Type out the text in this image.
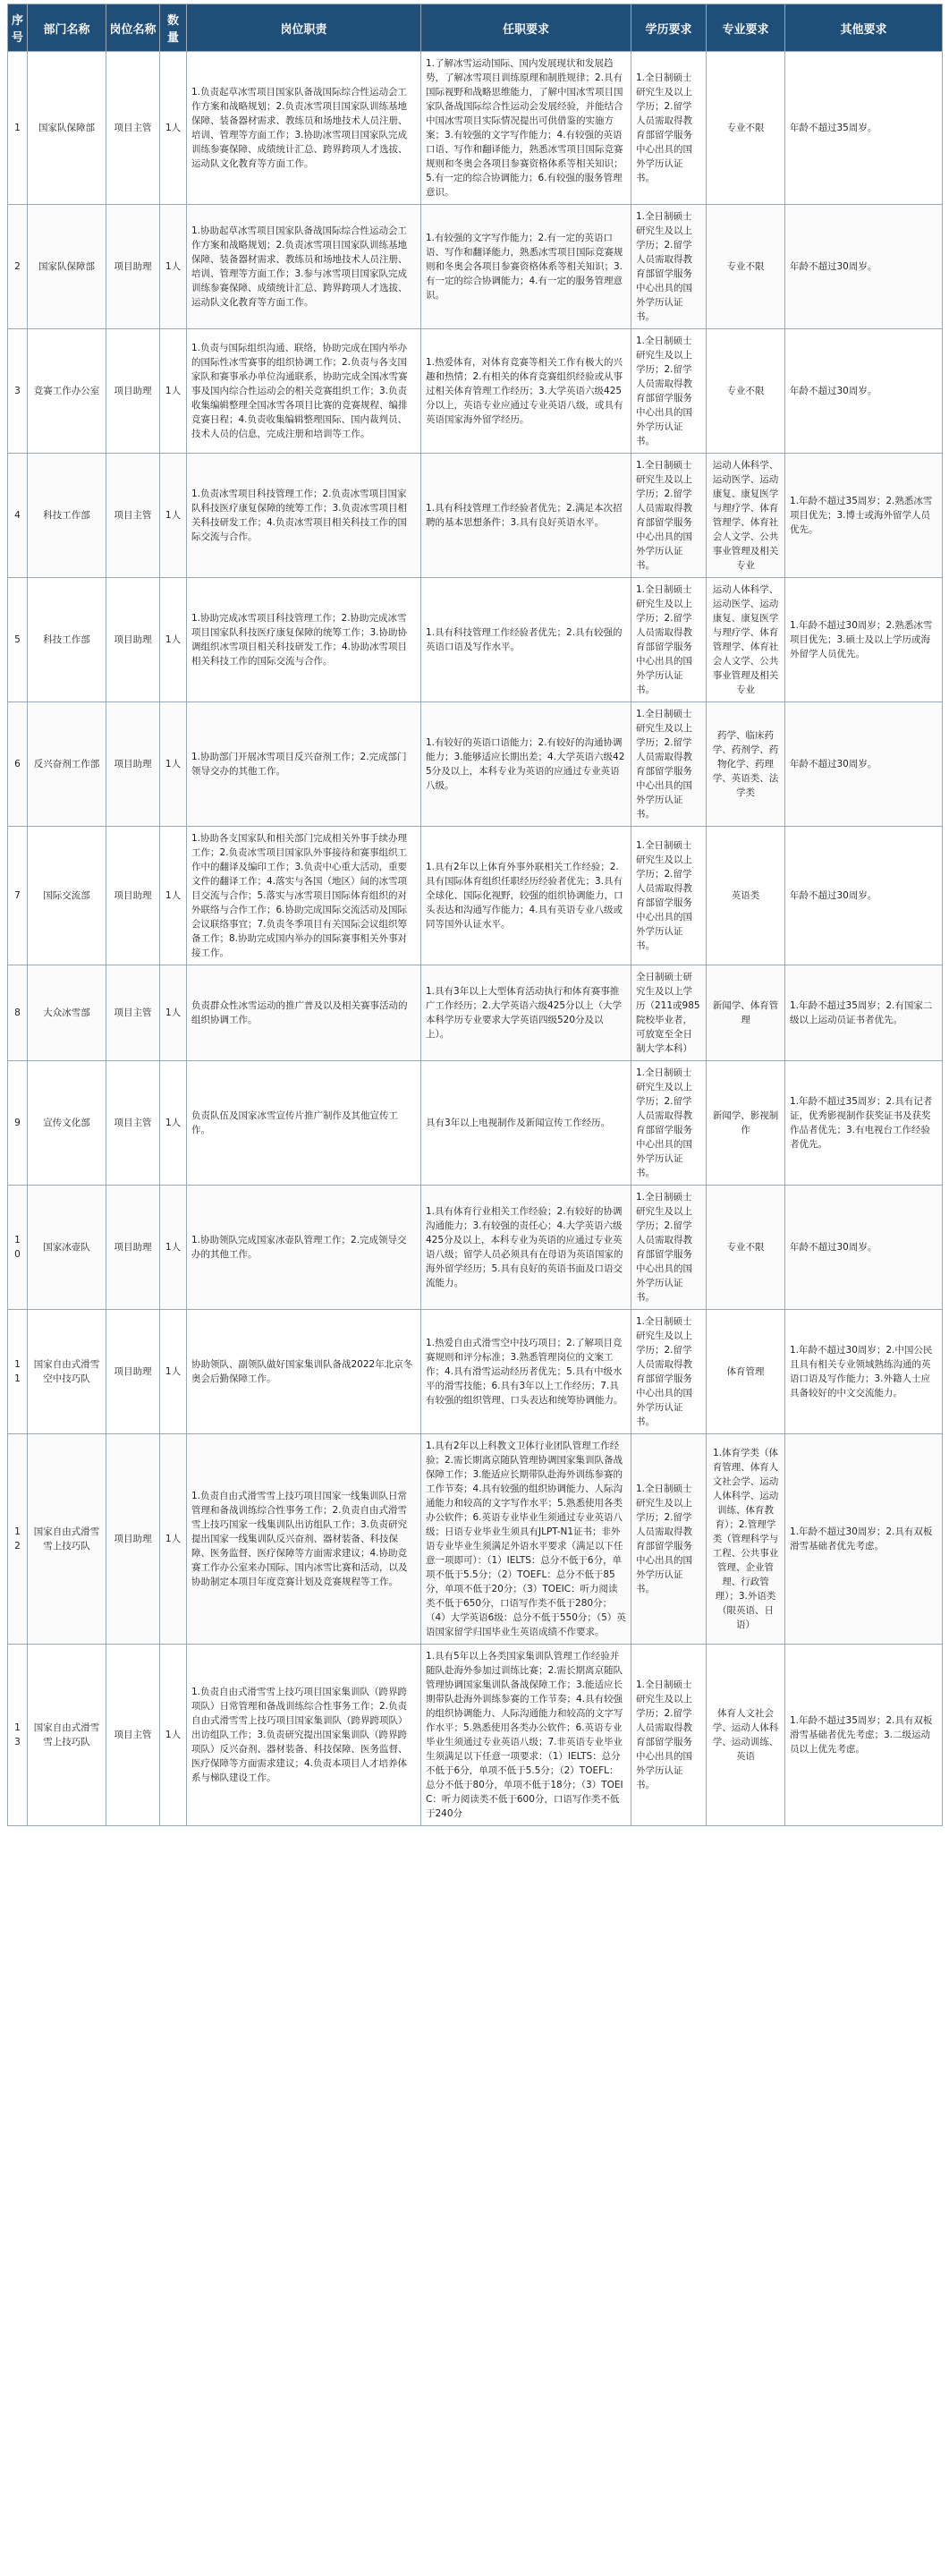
序号	部门名称	岗位名称	数量	岗位职责	任职要求	学历要求	专业要求	其他要求
1	国家队保障部	项目主管	1人	1.负责起草冰雪项目国家队备战国际综合性运动会工作方案和战略规划；2.负责冰雪项目国家队训练基地保障、装备器材需求、教练员和场地技术人员注册、培训、管理等方面工作；3.协助冰雪项目国家队完成训练参赛保障、成绩统计汇总、跨界跨项人才选拔、运动队文化教育等方面工作。	1.了解冰雪运动国际、国内发展现状和发展趋势，了解冰雪项目训练原理和制胜规律；2.具有国际视野和战略思维能力，了解中国冰雪项目国家队备战国际综合性运动会发展经验，并能结合中国冰雪项目实际情况提出可供借鉴的实施方案；3.有较强的文字写作能力；4.有较强的英语口语、写作和翻译能力，熟悉冰雪项目国际竞赛规则和冬奥会各项目参赛资格体系等相关知识；5.有一定的综合协调能力；6.有较强的服务管理意识。	1.全日制硕士研究生及以上学历；2.留学人员需取得教育部留学服务中心出具的国外学历认证书。	专业不限	年龄不超过35周岁。
2	国家队保障部	项目助理	1人	1.协助起草冰雪项目国家队备战国际综合性运动会工作方案和战略规划；2.负责冰雪项目国家队训练基地保障、装备器材需求、教练员和场地技术人员注册、培训、管理等方面工作；3.参与冰雪项目国家队完成训练参赛保障、成绩统计汇总、跨界跨项人才选拔、运动队文化教育等方面工作。	1.有较强的文字写作能力；2.有一定的英语口语、写作和翻译能力，熟悉冰雪项目国际竞赛规则和冬奥会各项目参赛资格体系等相关知识；3.有一定的综合协调能力；4.有一定的服务管理意识。	1.全日制硕士研究生及以上学历；2.留学人员需取得教育部留学服务中心出具的国外学历认证书。	专业不限	年龄不超过30周岁。
3	竞赛工作办公室	项目助理	1人	1.负责与国际组织沟通、联络，协助完成在国内举办的国际性冰雪赛事的组织协调工作；2.负责与各支国家队和赛事承办单位沟通联系，协助完成全国冰雪赛事及国内综合性运动会的相关竞赛组织工作；3.负责收集编辑整理全国冰雪各项目比赛的竞赛规程、编排竞赛日程；4.负责收集编辑整理国际、国内裁判员、技术人员的信息，完成注册和培训等工作。	1.热爱体育，对体育竞赛等相关工作有极大的兴趣和热情；2.有相关的体育竞赛组织经验或从事过相关体育管理工作经历；3.大学英语六级425分以上，英语专业应通过专业英语八级，或具有英语国家海外留学经历。	1.全日制硕士研究生及以上学历；2.留学人员需取得教育部留学服务中心出具的国外学历认证书。	专业不限	年龄不超过30周岁。
4	科技工作部	项目主管	1人	1.负责冰雪项目科技管理工作；2.负责冰雪项目国家队科技医疗康复保障的统筹工作；3.负责冰雪项目相关科技研发工作；4.负责冰雪项目相关科技工作的国际交流与合作。	1.具有科技管理工作经验者优先；2.满足本次招聘的基本思想条件；3.具有良好英语水平。	1.全日制硕士研究生及以上学历；2.留学人员需取得教育部留学服务中心出具的国外学历认证书。	运动人体科学、运动医学、运动康复、康复医学与理疗学、体育管理学、体育社会人文学、公共事业管理及相关专业	1.年龄不超过35周岁；2.熟悉冰雪项目优先；3.博士或海外留学人员优先。
5	科技工作部	项目助理	1人	1.协助完成冰雪项目科技管理工作；2.协助完成冰雪项目国家队科技医疗康复保障的统筹工作；3.协助协调组织冰雪项目相关科技研发工作；4.协助冰雪项目相关科技工作的国际交流与合作。	1.具有科技管理工作经验者优先；2.具有较强的英语口语及写作水平。	1.全日制硕士研究生及以上学历；2.留学人员需取得教育部留学服务中心出具的国外学历认证书。	运动人体科学、运动医学、运动康复、康复医学与理疗学、体育管理学、体育社会人文学、公共事业管理及相关专业	1.年龄不超过30周岁；2.熟悉冰雪项目优先；3.硕士及以上学历或海外留学人员优先。
6	反兴奋剂工作部	项目助理	1人	1.协助部门开展冰雪项目反兴奋剂工作；2.完成部门领导交办的其他工作。	1.有较好的英语口语能力；2.有较好的沟通协调能力；3.能够适应长期出差；4.大学英语六级425分及以上，本科专业为英语的应通过专业英语八级。	1.全日制硕士研究生及以上学历；2.留学人员需取得教育部留学服务中心出具的国外学历认证书。	药学、临床药学、药剂学、药物化学、药理学、英语类、法学类	年龄不超过30周岁。
7	国际交流部	项目助理	1人	1.协助各支国家队和相关部门完成相关外事手续办理工作；2.负责冰雪项目国家队外事接待和赛事组织工作中的翻译及编印工作；3.负责中心重大活动，重要文件的翻译工作；4.落实与各国（地区）间的冰雪项目交流与合作；5.落实与冰雪项目国际体育组织的对外联络与合作工作；6.协助完成国际交流活动及国际会议联络事宜；7.负责冬季项目有关国际会议组织筹备工作；8.协助完成国内举办的国际赛事相关外事对接工作。	1.具有2年以上体育外事外联相关工作经验；2.具有国际体育组织任职经历经验者优先；3.具有全球化、国际化视野，较强的组织协调能力，口头表达和沟通写作能力；4.具有英语专业八级或同等国外认证水平。	1.全日制硕士研究生及以上学历；2.留学人员需取得教育部留学服务中心出具的国外学历认证书。	英语类	年龄不超过30周岁。
8	大众冰雪部	项目主管	1人	负责群众性冰雪运动的推广普及以及相关赛事活动的组织协调工作。	1.具有3年以上大型体育活动执行和体育赛事推广工作经历；2.大学英语六级425分以上（大学本科学历专业要求大学英语四级520分及以上）。	全日制硕士研究生及以上学历（211或985院校毕业者，可放宽至全日制大学本科）	新闻学、体育管理	1.年龄不超过35周岁；2.有国家二级以上运动员证书者优先。
9	宣传文化部	项目主管	1人	负责队伍及国家冰雪宣传片推广制作及其他宣传工作。	具有3年以上电视制作及新闻宣传工作经历。	1.全日制硕士研究生及以上学历；2.留学人员需取得教育部留学服务中心出具的国外学历认证书。	新闻学、影视制作	1.年龄不超过35周岁；2.具有记者证，优秀影视制作获奖证书及获奖作品者优先；3.有电视台工作经验者优先。
10	国家冰壶队	项目助理	1人	1.协助领队完成国家冰壶队管理工作；2.完成领导交办的其他工作。	1.具有体育行业相关工作经验；2.有较好的协调沟通能力；3.有较强的责任心；4.大学英语六级425分及以上，本科专业为英语的应通过专业英语八级；留学人员必须具有在母语为英语国家的海外留学经历；5.具有良好的英语书面及口语交流能力。	1.全日制硕士研究生及以上学历；2.留学人员需取得教育部留学服务中心出具的国外学历认证书。	专业不限	年龄不超过30周岁。
11	国家自由式滑雪空中技巧队	项目助理	1人	协助领队、副领队做好国家集训队备战2022年北京冬奥会后勤保障工作。	1.热爱自由式滑雪空中技巧项目；2.了解项目竞赛规则和评分标准；3.熟悉管理岗位的文案工作；4.具有滑雪运动经历者优先；5.具有中级水平的滑雪技能；6.具有3年以上工作经历；7.具有较强的组织管理、口头表达和统筹协调能力。	1.全日制硕士研究生及以上学历；2.留学人员需取得教育部留学服务中心出具的国外学历认证书。	体育管理	1.年龄不超过30周岁；2.中国公民且具有相关专业领域熟练沟通的英语口语及写作能力；3.外籍人士应具备较好的中文交流能力。
12	国家自由式滑雪雪上技巧队	项目助理	1人	1.负责自由式滑雪雪上技巧项目国家一线集训队日常管理和备战训练综合性事务工作；2.负责自由式滑雪雪上技巧国家一线集训队出访组队工作；3.负责研究提出国家一线集训队反兴奋剂、器材装备、科技保障、医务监督、医疗保障等方面需求建议；4.协助竞赛工作办公室来办国际、国内冰雪比赛和活动，以及协助制定本项目年度竞赛计划及竞赛规程等工作。	1.具有2年以上科教文卫体行业团队管理工作经验；2.需长期离京随队管理协调国家集训队备战保障工作；3.能适应长期带队赴海外训练参赛的工作节奏；4.具有较强的组织协调能力、人际沟通能力和较高的文字写作水平；5.熟悉使用各类办公软件；6.英语专业毕业生须通过专业英语八级；日语专业毕业生须具有JLPT-N1证书；非外语专业毕业生须满足外语水平要求（满足以下任意一项即可）：（1）IELTS：总分不低于6分，单项不低于5.5分；（2）TOEFL：总分不低于85分，单项不低于20分；（3）TOEIC：听力阅读类不低于650分，口语写作类不低于280分；（4）大学英语6级：总分不低于550分；（5）英语国家留学归国毕业生英语成绩不作要求。	1.全日制硕士研究生及以上学历；2.留学人员需取得教育部留学服务中心出具的国外学历认证书。	1.体育学类（体育管理、体育人文社会学、运动人体科学、运动训练、体育教育）；2.管理学类（管理科学与工程、公共事业管理、企业管理、行政管理）；3.外语类（限英语、日语）	1.年龄不超过30周岁；2.具有双板滑雪基础者优先考虑。
13	国家自由式滑雪雪上技巧队	项目主管	1人	1.负责自由式滑雪雪上技巧项目国家集训队（跨界跨项队）日常管理和备战训练综合性事务工作；2.负责自由式滑雪雪上技巧项目国家集训队（跨界跨项队）出访组队工作；3.负责研究提出国家集训队（跨界跨项队）反兴奋剂、器材装备、科技保障、医务监督、医疗保障等方面需求建议；4.负责本项目人才培养体系与梯队建设工作。	1.具有5年以上各类国家集训队管理工作经验并随队赴海外参加过训练比赛；2.需长期离京随队管理协调国家集训队备战保障工作；3.能适应长期带队赴海外训练参赛的工作节奏；4.具有较强的组织协调能力、人际沟通能力和较高的文字写作水平；5.熟悉使用各类办公软件；6.英语专业毕业生须通过专业英语八级；7.非英语专业毕业生须满足以下任意一项要求：（1）IELTS：总分不低于6分，单项不低于5.5分；（2）TOEFL：总分不低于80分，单项不低于18分；（3）TOEIC：听力阅读类不低于600分，口语写作类不低于240分	1.全日制硕士研究生及以上学历；2.留学人员需取得教育部留学服务中心出具的国外学历认证书。	体育人文社会学、运动人体科学、运动训练、英语	1.年龄不超过35周岁；2.具有双板滑雪基础者优先考虑；3.二级运动员以上优先考虑。
